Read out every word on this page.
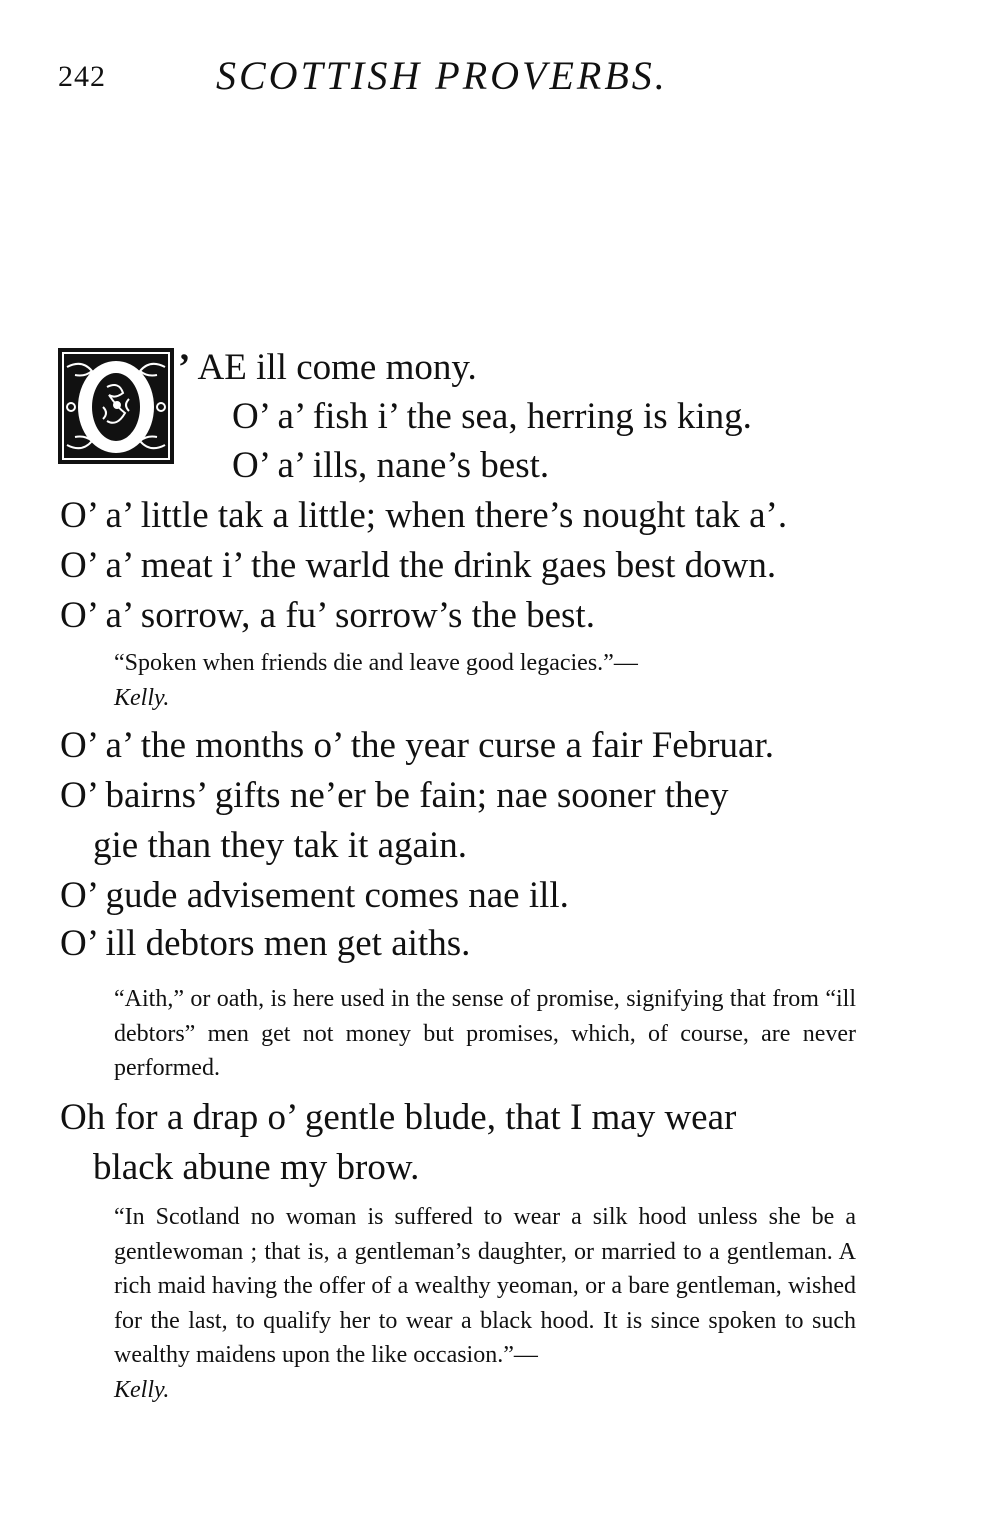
242	SCOTTISH PROVERBS.
’ AE ill come mony.
O’ a’ fish i’ the sea, herring is king.
O’ a’ ills, nane’s best.
O’ a’ little tak a little; when there’s nought tak a’.
O’ a’ meat i’ the warld the drink gaes best down.
O’ a’ sorrow, a fu’ sorrow’s the best.
“Spoken when friends die and leave good legacies.”—
Kelly.
O’ a’ the months o’ the year curse a fair Februar.
O’ bairns’ gifts ne’er be fain; nae sooner they
gie than they tak it again.
O’ gude advisement comes nae ill.
O’ ill debtors men get aiths.
“Aith,” or oath, is here used in the sense of promise, signifying that from “ill debtors” men get not money but promises, which, of course, are never performed.
Oh for a drap o’ gentle blude, that I may wear
black abune my brow.
“In Scotland no woman is suffered to wear a silk hood unless she be a gentlewoman ; that is, a gentleman’s daughter, or married to a gentleman. A rich maid having the offer of a wealthy yeoman, or a bare gentleman, wished for the last, to qualify her to wear a black hood. It is since spoken to such wealthy maidens upon the like occasion.”—
Kelly.
